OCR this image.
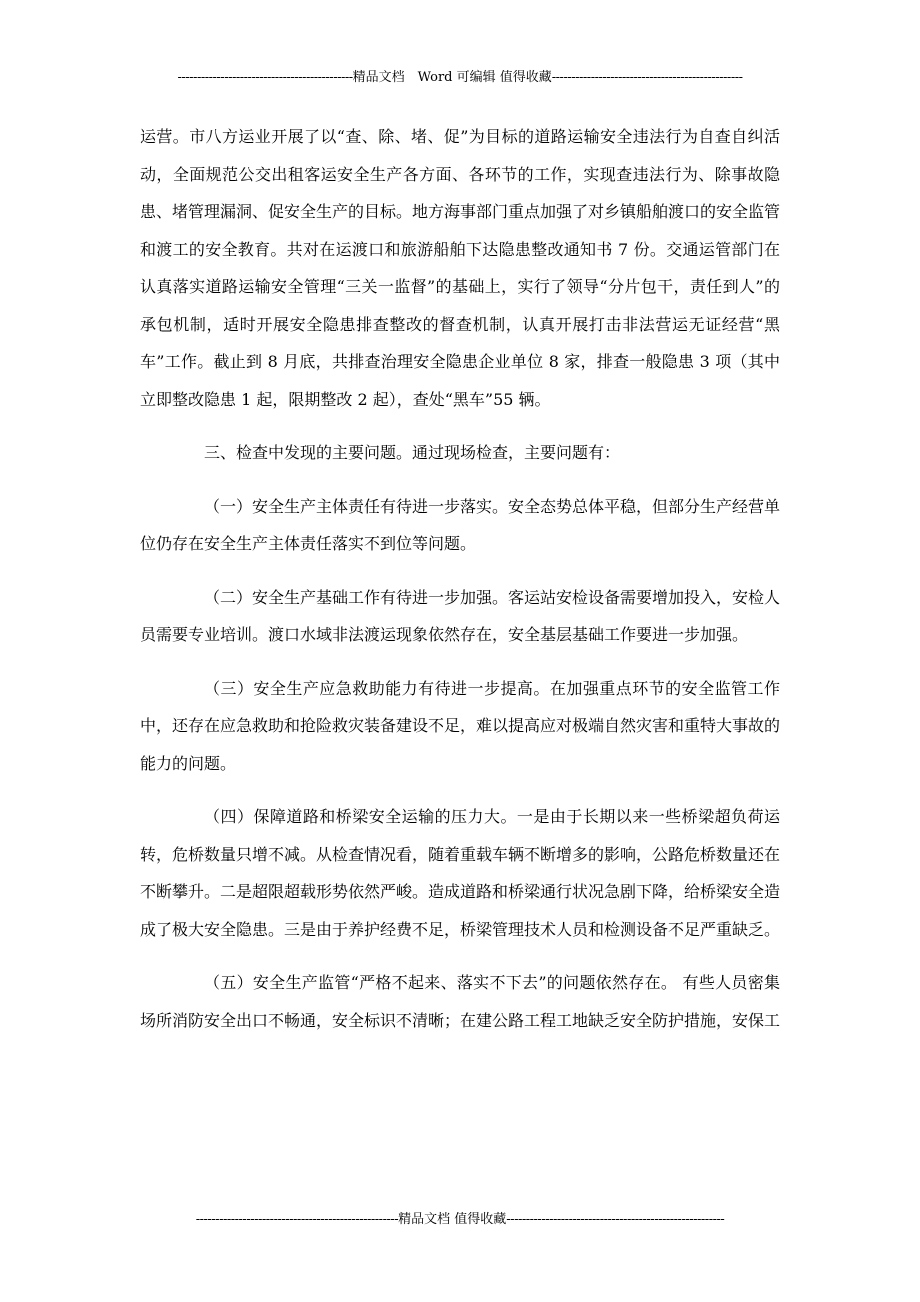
---------------------------------------------精品文档　Word 可编辑 值得收藏-------------------------------------------------

运营。市八方运业开展了以“查、除、堵、促”为目标的道路运输安全违法行为自查自纠活动，全面规范公交出租客运安全生产各方面、各环节的工作，实现查违法行为、除事故隐患、堵管理漏洞、促安全生产的目标。地方海事部门重点加强了对乡镇船舶渡口的安全监管和渡工的安全教育。共对在运渡口和旅游船舶下达隐患整改通知书 7 份。交通运管部门在认真落实道路运输安全管理“三关一监督”的基础上，实行了领导“分片包干，责任到人”的承包机制，适时开展安全隐患排查整改的督查机制，认真开展打击非法营运无证经营“黑车”工作。截止到 8 月底，共排查治理安全隐患企业单位 8 家，排查一般隐患 3 项（其中立即整改隐患 1 起，限期整改 2 起），查处“黑车”55 辆。

三、检查中发现的主要问题。通过现场检查，主要问题有：

（一）安全生产主体责任有待进一步落实。安全态势总体平稳，但部分生产经营单位仍存在安全生产主体责任落实不到位等问题。

（二）安全生产基础工作有待进一步加强。客运站安检设备需要增加投入，安检人员需要专业培训。渡口水域非法渡运现象依然存在，安全基层基础工作要进一步加强。

（三）安全生产应急救助能力有待进一步提高。在加强重点环节的安全监管工作中，还存在应急救助和抢险救灾装备建设不足，难以提高应对极端自然灾害和重特大事故的能力的问题。

（四）保障道路和桥梁安全运输的压力大。一是由于长期以来一些桥梁超负荷运转，危桥数量只增不减。从检查情况看，随着重载车辆不断增多的影响，公路危桥数量还在不断攀升。二是超限超载形势依然严峻。造成道路和桥梁通行状况急剧下降，给桥梁安全造成了极大安全隐患。三是由于养护经费不足，桥梁管理技术人员和检测设备不足严重缺乏。

（五）安全生产监管“严格不起来、落实不下去”的问题依然存在。 有些人员密集场所消防安全出口不畅通，安全标识不清晰；在建公路工程工地缺乏安全防护措施，安保工

----------------------------------------------------精品文档 值得收藏--------------------------------------------------------
